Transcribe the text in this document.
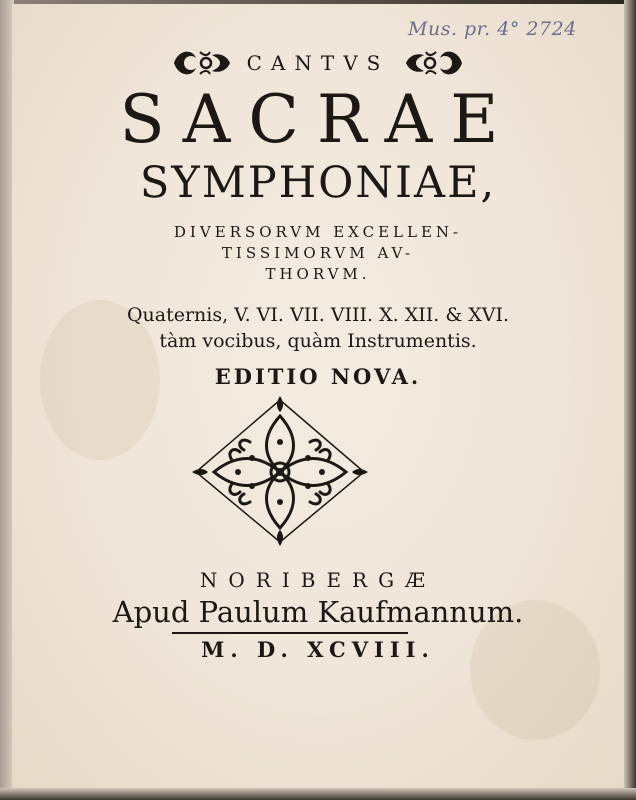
Mus. pr. 4° 2724
CANTVS
SACRAE
SYMPHONIAE,
DIVERSORVM EXCELLEN-
TISSIMORVM AV-
THORVM.
Quaternis, V. VI. VII. VIII. X. XII. & XVI.
tàm vocibus, quàm Instrumentis.
EDITIO NOVA.
NORIBERGÆ
Apud Paulum Kaufmannum.
M. D. XCVIII.
